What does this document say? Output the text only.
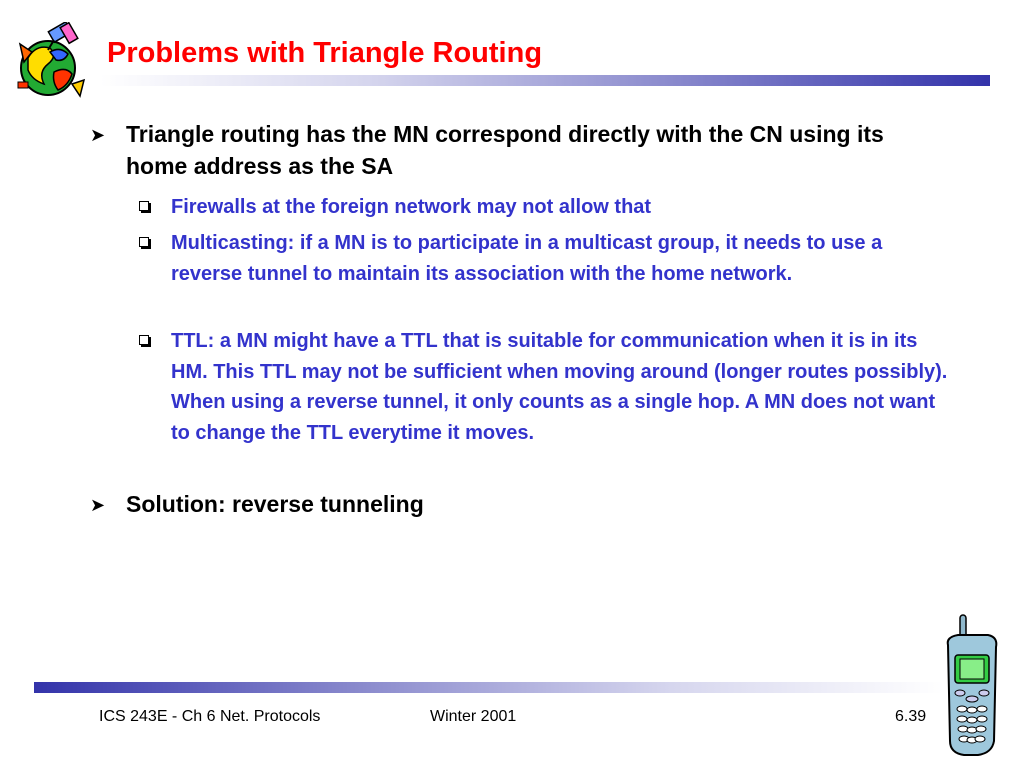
Problems with Triangle Routing
➤ Triangle routing has the MN correspond directly with the CN using its home address as the SA
Firewalls at the foreign network may not allow that
Multicasting: if a MN is to participate in a multicast group, it needs to use a reverse tunnel to maintain its association with the home network.
TTL: a MN might have a TTL that is suitable for communication when it is in its HM. This TTL may not be sufficient when moving around (longer routes possibly). When using a reverse tunnel, it only counts as a single hop. A MN does not want to change the TTL everytime it moves.
➤ Solution: reverse tunneling
ICS 243E - Ch 6 Net. Protocols	Winter 2001	6.39
